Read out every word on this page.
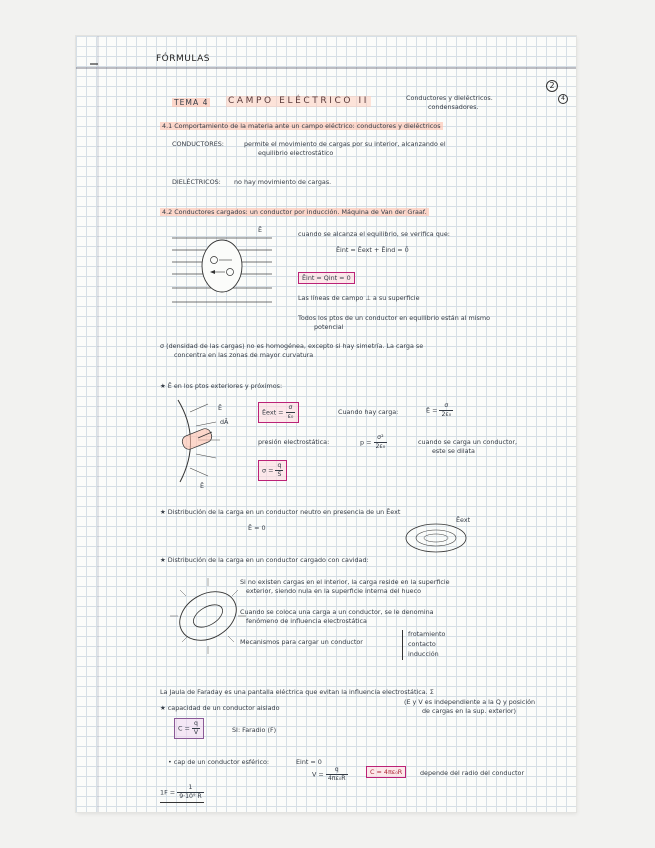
FÓRMULAS
2
4
TEMA 4 CAMPO ELÉCTRICO II	Conductores y dieléctricos.
condensadores.
4.1 Comportamiento de la materia ante un campo eléctrico: conductores y dieléctricos
CONDUCTORES:	permite el movimiento de cargas por su interior, alcanzando el
equilibrio electrostático
DIELÉCTRICOS: no hay movimiento de cargas.
4.2 Conductores cargados: un conductor por inducción. Máquina de Van der Graaf.
Ē	cuando se alcanza el equilibrio, se verifica que:
Ēint = Ēext + Ēind = 0̄
Ēint = Qint = 0
Las líneas de campo ⊥ a su superficie
Todos los ptos de un conductor en equilibrio están al mismo
potencial
σ (densidad de las cargas) no es homogénea, excepto si hay simetría. La carga se
concentra en las zonas de mayor curvatura
★ Ē en los ptos exteriores y próximos:
Ē
dĀ
Ē
Ēext = $\frac{\sigma}{\text{ε₀}}$	Cuando hay carga:	Ē = $\frac{\sigma}{\text{2ε₀}}$
presión electrostática:	$p = \frac{\text{σ²}}{\text{2ε₀}}$	cuando se carga un conductor,
este se dilata
$\sigma = \frac{q}{S}$
★ Distribución de la carga en un conductor neutro en presencia de un Ēext
Ē = 0
Ēext
★ Distribución de la carga en un conductor cargado con cavidad:
Si no existen cargas en el interior, la carga reside en la superficie
exterior, siendo nula en la superficie interna del hueco
Cuando se coloca una carga a un conductor, se le denomina
fenómeno de influencia electrostática
Mecanismos para cargar un conductor
frotamiento
contacto
inducción
La Jaula de Faraday es una pantalla eléctrica que evitan la influencia electrostática. Σ
(E y V es independiente a la Q y posición
de cargas en la sup. exterior)
★ capacidad de un conductor aislado
$C = \frac{q}{V}$	SI: Faradio (F)
• cap de un conductor esférico:	Eint = 0
$V = \frac{q}{\text{4πε₀R}}$	C = 4πε₀R	depende del radio del conductor
$1F = \frac{1}{\text{9·10⁹ R}}$
